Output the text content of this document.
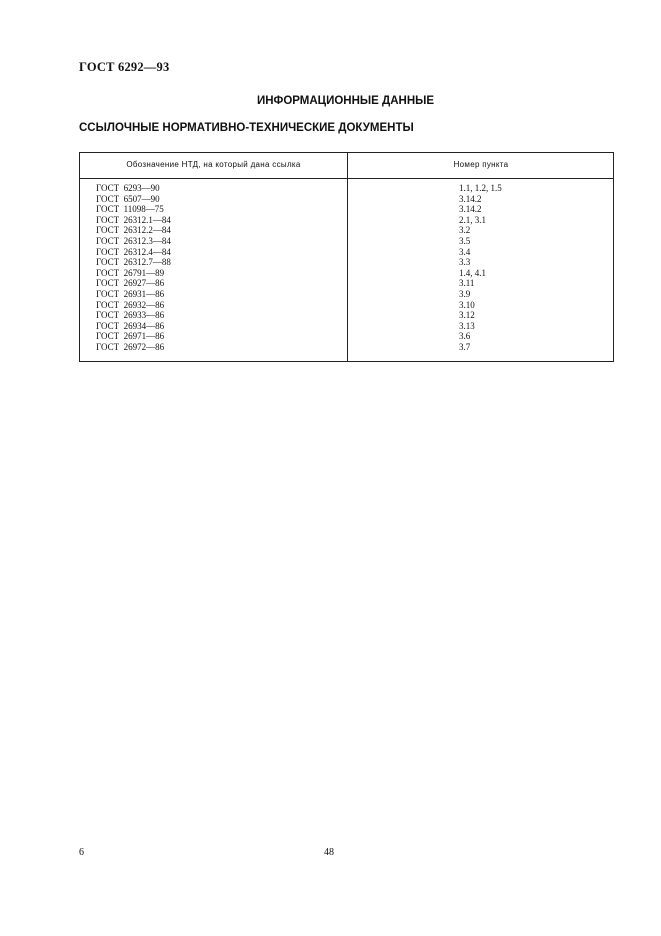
ГОСТ 6292—93
ИНФОРМАЦИОННЫЕ ДАННЫЕ
ССЫЛОЧНЫЕ НОРМАТИВНО-ТЕХНИЧЕСКИЕ ДОКУМЕНТЫ
Обозначение НТД, на который дана ссылка	Номер пункта
ГОСТ  6293—90	1.1, 1.2, 1.5
ГОСТ  6507—90	3.14.2
ГОСТ  11098—75	3.14.2
ГОСТ  26312.1—84	2.1, 3.1
ГОСТ  26312.2—84	3.2
ГОСТ  26312.3—84	3.5
ГОСТ  26312.4—84	3.4
ГОСТ  26312.7—88	3.3
ГОСТ  26791—89	1.4, 4.1
ГОСТ  26927—86	3.11
ГОСТ  26931—86	3.9
ГОСТ  26932—86	3.10
ГОСТ  26933—86	3.12
ГОСТ  26934—86	3.13
ГОСТ  26971—86	3.6
ГОСТ  26972—86	3.7
6	48
